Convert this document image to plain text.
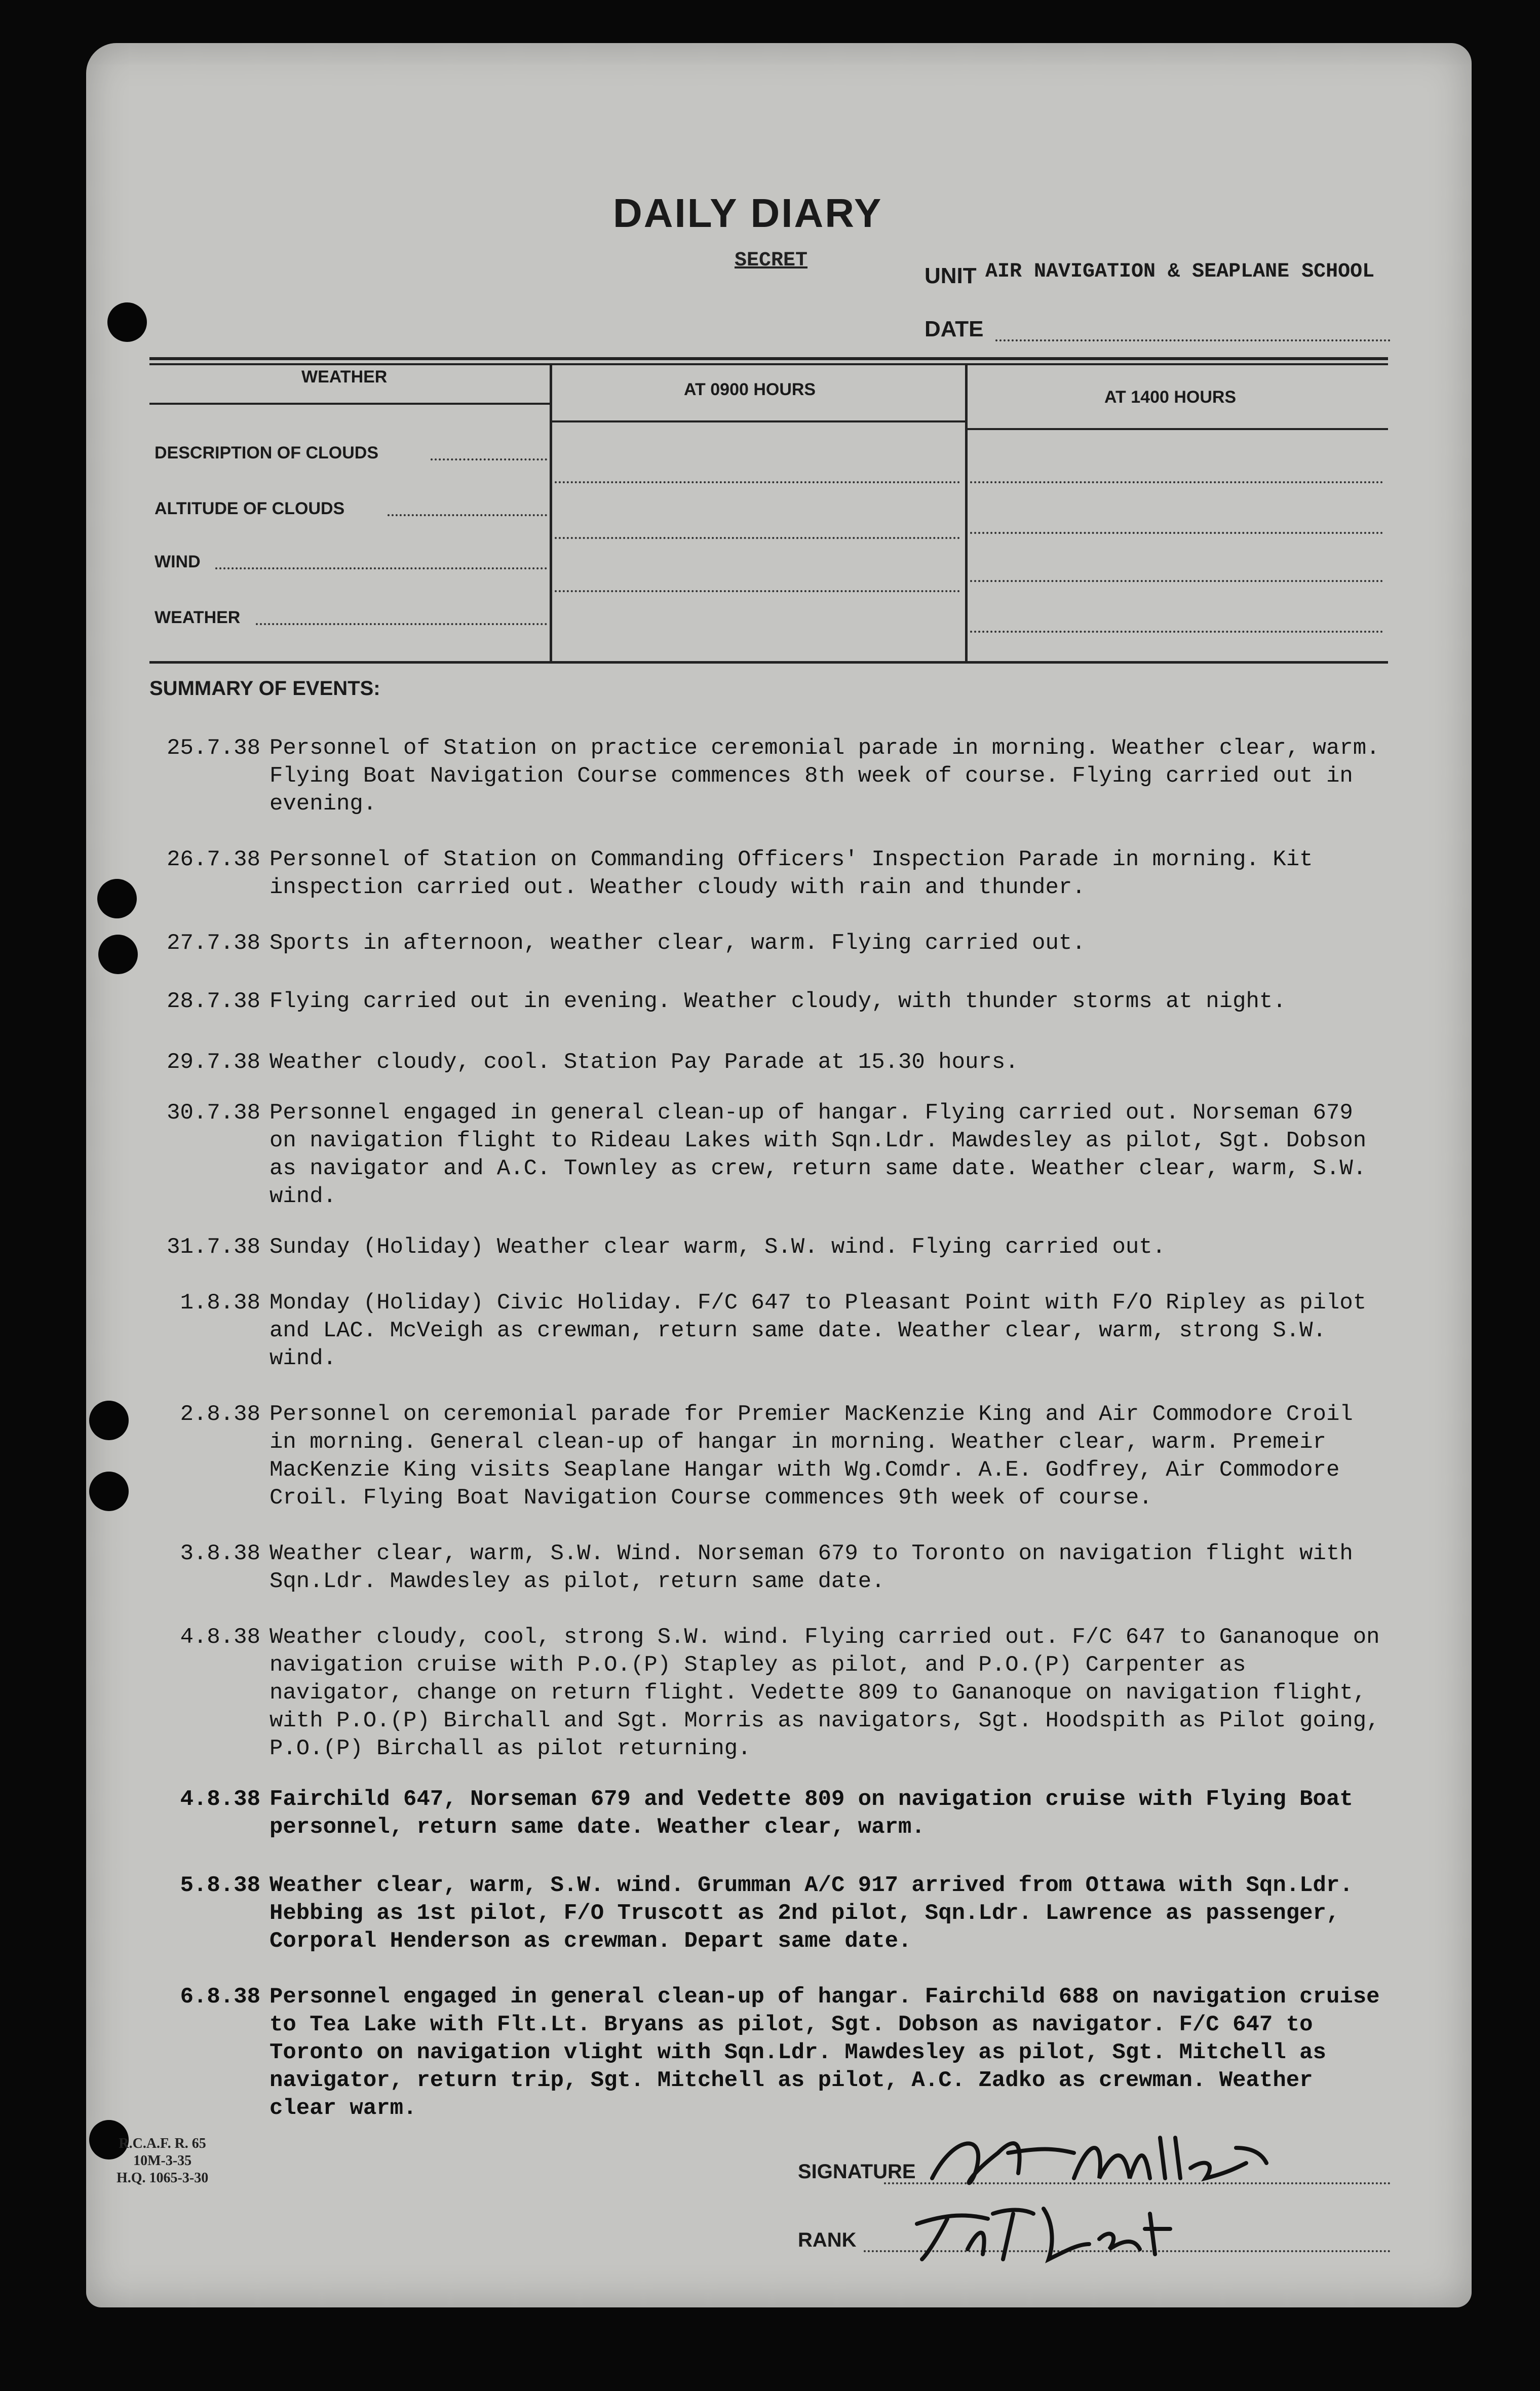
DAILY DIARY
SECRET
UNIT AIR NAVIGATION & SEAPLANE SCHOOL
DATE
WEATHER
AT 0900 HOURS	AT 1400 HOURS
DESCRIPTION OF CLOUDS
ALTITUDE OF CLOUDS
WIND
WEATHER
SUMMARY OF EVENTS:
25.7.38 Personnel of Station on practice ceremonial parade in morning. Weather clear, warm. Flying Boat Navigation Course commences 8th week of course. Flying carried out in evening.
26.7.38 Personnel of Station on Commanding Officers' Inspection Parade in morning. Kit inspection carried out. Weather cloudy with rain and thunder.
27.7.38 Sports in afternoon, weather clear, warm. Flying carried out.
28.7.38 Flying carried out in evening. Weather cloudy, with thunder storms at night.
29.7.38 Weather cloudy, cool. Station Pay Parade at 15.30 hours.
30.7.38 Personnel engaged in general clean-up of hangar. Flying carried out. Norseman 679 on navigation flight to Rideau Lakes with Sqn.Ldr. Mawdesley as pilot, Sgt. Dobson as navigator and A.C. Townley as crew, return same date. Weather clear, warm, S.W. wind.
31.7.38 Sunday (Holiday) Weather clear warm, S.W. wind. Flying carried out.
1.8.38 Monday (Holiday) Civic Holiday. F/C 647 to Pleasant Point with F/O Ripley as pilot and LAC. McVeigh as crewman, return same date. Weather clear, warm, strong S.W. wind.
2.8.38 Personnel on ceremonial parade for Premier MacKenzie King and Air Commodore Croil in morning. General clean-up of hangar in morning. Weather clear, warm. Premeir MacKenzie King visits Seaplane Hangar with Wg.Comdr. A.E. Godfrey, Air Commodore Croil. Flying Boat Navigation Course commences 9th week of course.
3.8.38 Weather clear, warm, S.W. Wind. Norseman 679 to Toronto on navigation flight with Sqn.Ldr. Mawdesley as pilot, return same date.
4.8.38 Weather cloudy, cool, strong S.W. wind. Flying carried out. F/C 647 to Gananoque on navigation cruise with P.O.(P) Stapley as pilot, and P.O.(P) Carpenter as navigator, change on return flight. Vedette 809 to Gananoque on navigation flight, with P.O.(P) Birchall and Sgt. Morris as navigators, Sgt. Hoodspith as Pilot going, P.O.(P) Birchall as pilot returning.
4.8.38 Fairchild 647, Norseman 679 and Vedette 809 on navigation cruise with Flying Boat personnel, return same date. Weather clear, warm.
5.8.38 Weather clear, warm, S.W. wind. Grumman A/C 917 arrived from Ottawa with Sqn.Ldr. Hebbing as 1st pilot, F/O Truscott as 2nd pilot, Sqn.Ldr. Lawrence as passenger, Corporal Henderson as crewman. Depart same date.
6.8.38 Personnel engaged in general clean-up of hangar. Fairchild 688 on navigation cruise to Tea Lake with Flt.Lt. Bryans as pilot, Sgt. Dobson as navigator. F/C 647 to Toronto on navigation vlight with Sqn.Ldr. Mawdesley as pilot, Sgt. Mitchell as navigator, return trip, Sgt. Mitchell as pilot, A.C. Zadko as crewman. Weather clear warm.
R.C.A.F. R. 65
10M-3-35
H.Q. 1065-3-30	SIGNATURE
RANK
